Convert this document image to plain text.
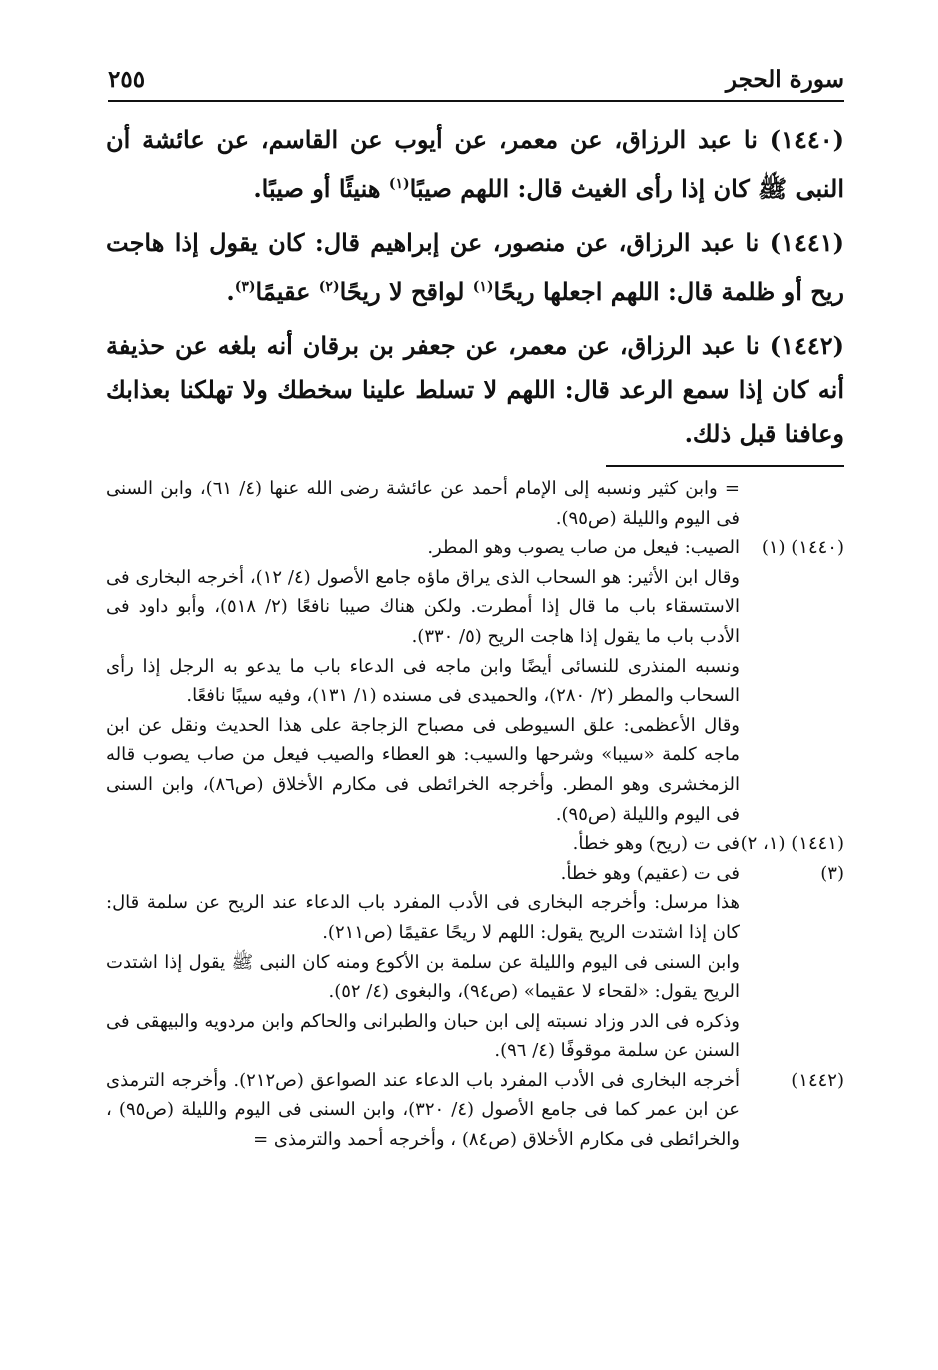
سورة الحجر
٢٥٥

(١٤٤٠) نا عبد الرزاق، عن معمر، عن أيوب عن القاسم، عن عائشة أن النبى ﷺ كان إذا رأى الغيث قال: اللهم صيبًا$^{(١)}$ هنيئًا أو صيبًا.

(١٤٤١) نا عبد الرزاق، عن منصور، عن إبراهيم قال: كان يقول إذا هاجت ريح أو ظلمة قال: اللهم اجعلها ريحًا$^{(١)}$ لواقح لا ريحًا$^{(٢)}$ عقيمًا$^{(٣)}$.

(١٤٤٢) نا عبد الرزاق، عن معمر، عن جعفر بن برقان أنه بلغه عن حذيفة أنه كان إذا سمع الرعد قال: اللهم لا تسلط علينا سخطك ولا تهلكنا بعذابك وعافنا قبل ذلك.

= وابن كثير ونسبه إلى الإمام أحمد عن عائشة رضى الله عنها (٤/ ٦١)، وابن السنى فى اليوم والليلة (ص٩٥).
(١٤٤٠) (١)
الصيب: فيعل من صاب يصوب وهو المطر.
وقال ابن الأثير: هو السحاب الذى يراق ماؤه جامع الأصول (٤/ ١٢)، أخرجه البخارى فى الاستسقاء باب ما قال إذا أمطرت. ولكن هناك صيبا نافعًا (٢/ ٥١٨)، وأبو داود فى الأدب باب ما يقول إذا هاجت الريح (٥/ ٣٣٠).
ونسبه المنذرى للنسائى أيضًا وابن ماجه فى الدعاء باب ما يدعو به الرجل إذا رأى السحاب والمطر (٢/ ٢٨٠)، والحميدى فى مسنده (١/ ١٣١)، وفيه سيبًا نافعًا.
وقال الأعظمى: علق السيوطى فى مصباح الزجاجة على هذا الحديث ونقل عن ابن ماجه كلمة «سيبا» وشرحها والسيب: هو العطاء والصيب فيعل من صاب يصوب قاله الزمخشرى وهو المطر. وأخرجه الخرائطى فى مكارم الأخلاق (ص٨٦)، وابن السنى فى اليوم والليلة (ص٩٥).
(١٤٤١) (١، ٢)
فى ت (ريح) وهو خطأ.
(٣)
فى ت (عقيم) وهو خطأ.
هذا مرسل: وأخرجه البخارى فى الأدب المفرد باب الدعاء عند الريح عن سلمة قال: كان إذا اشتدت الريح يقول: اللهم لا ريحًا عقيمًا (ص٢١١).
وابن السنى فى اليوم والليلة عن سلمة بن الأكوع ومنه كان النبى ﷺ يقول إذا اشتدت الريح يقول: «لقحاء لا عقيما» (ص٩٤)، والبغوى (٤/ ٥٢).
وذكره فى الدر وزاد نسبته إلى ابن حبان والطبرانى والحاكم وابن مردويه والبيهقى فى السنن عن سلمة موقوفًا (٤/ ٩٦).
(١٤٤٢)
أخرجه البخارى فى الأدب المفرد باب الدعاء عند الصواعق (ص٢١٢). وأخرجه الترمذى عن ابن عمر كما فى جامع الأصول (٤/ ٣٢٠)، وابن السنى فى اليوم والليلة (ص٩٥) ، والخرائطى فى مكارم الأخلاق (ص٨٤) ، وأخرجه أحمد والترمذى =
